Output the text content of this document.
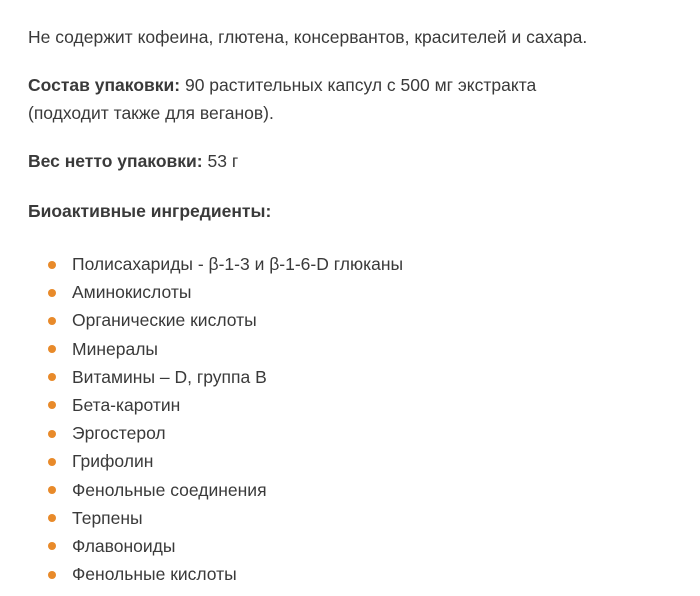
Не содержит кофеина, глютена, консервантов, красителей и сахара.

Состав упаковки: 90 растительных капсул с 500 мг экстракта
(подходит также для веганов).

Вес нетто упаковки: 53 г

Биоактивные ингредиенты:

Полисахариды - β-1-3 и β-1-6-D глюканы
Аминокислоты
Органические кислоты
Минералы
Витамины – D, группа B
Бета-каротин
Эргостерол
Грифолин
Фенольные соединения
Терпены
Флавоноиды
Фенольные кислоты
